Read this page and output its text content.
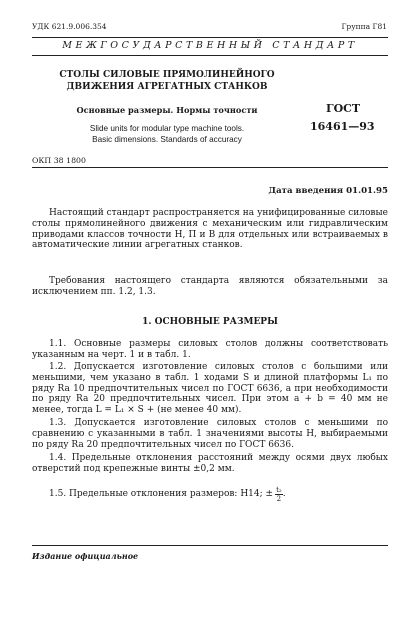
УДК 621.9.006.354	Группа Г81
МЕЖГОСУДАРСТВЕННЫЙ СТАНДАРТ
СТОЛЫ СИЛОВЫЕ ПРЯМОЛИНЕЙНОГО
ДВИЖЕНИЯ АГРЕГАТНЫХ СТАНКОВ
Основные размеры. Нормы точности
Slide units for modular type machine tools.
Basic dimensions. Standards of accuracy
ГОСТ
16461—93
ОКП 38 1800
Дата введения 01.01.95
Настоящий стандарт распространяется на унифицированные силовые столы прямолинейного движения с механическим или гидравлическим приводами классов точности Н, П и В для отдельных или встраиваемых в автоматические линии агрегатных станков.
Требования настоящего стандарта являются обязательными за исключением пп. 1.2, 1.3.
1. ОСНОВНЫЕ РАЗМЕРЫ
1.1. Основные размеры силовых столов должны соответствовать указанным на черт. 1 и в табл. 1.
1.2. Допускается изготовление силовых столов с большими или меньшими, чем указано в табл. 1 ходами S и длиной платформы L₁ по ряду Ra 10 предпочтительных чисел по ГОСТ 6636, а при необходимости по ряду Ra 20 предпочтительных чисел. При этом a + b = 40 мм не менее, тогда L = L₁ × S + (не менее 40 мм).
1.3. Допускается изготовление силовых столов с меньшими по сравнению с указанными в табл. 1 значениями высоты H, выбираемыми по ряду Ra 20 предпочтительных чисел по ГОСТ 6636.
1.4. Предельные отклонения расстояний между осями двух любых отверстий под крепежные винты ±0,2 мм.
1.5. Предельные отклонения размеров: Н14; ± $\frac{\text{t₂}}{2}$ .
Издание официальное
